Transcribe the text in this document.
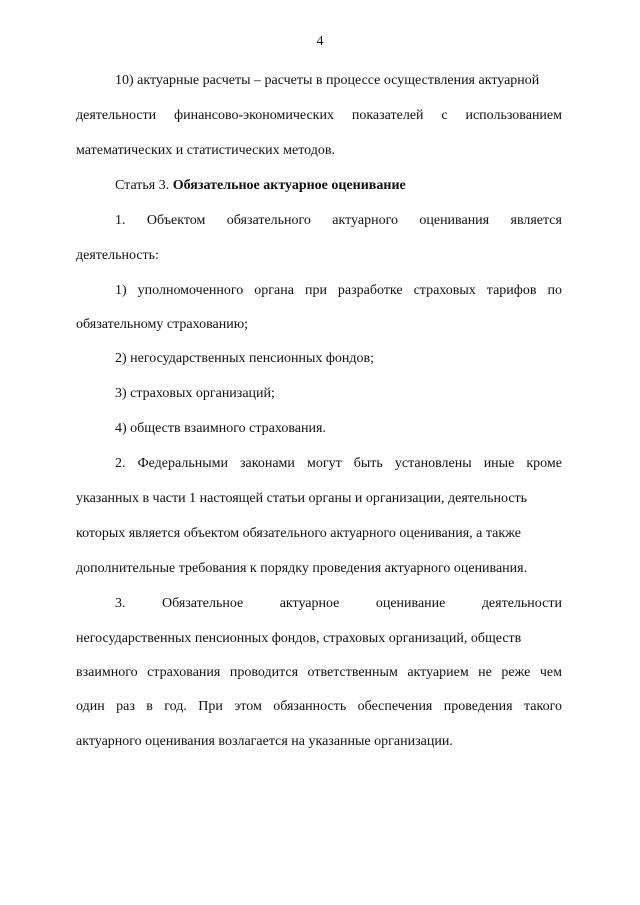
4
10) актуарные расчеты – расчеты в процессе осуществления актуарной
деятельности финансово-экономических показателей с использованием
математических и статистических методов.
Статья 3. Обязательное актуарное оценивание
1. Объектом обязательного актуарного оценивания является
деятельность:
1) уполномоченного органа при разработке страховых тарифов по
обязательному страхованию;
2) негосударственных пенсионных фондов;
3) страховых организаций;
4) обществ взаимного страхования.
2. Федеральными законами могут быть установлены иные кроме
указанных в части 1 настоящей статьи органы и организации, деятельность
которых является объектом обязательного актуарного оценивания, а также
дополнительные требования к порядку проведения актуарного оценивания.
3.	Обязательное	актуарное	оценивание	деятельности
негосударственных пенсионных фондов, страховых организаций, обществ
взаимного страхования проводится ответственным актуарием не реже чем
один раз в год. При этом обязанность обеспечения проведения такого
актуарного оценивания возлагается на указанные организации.
